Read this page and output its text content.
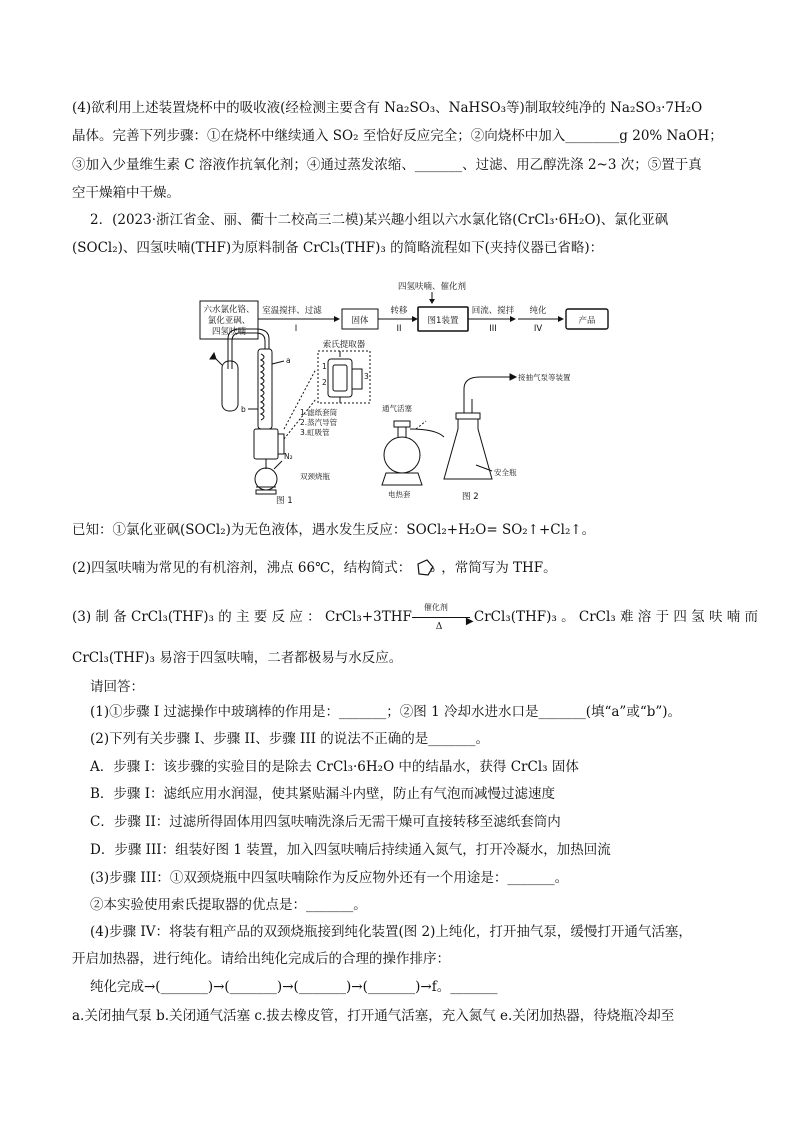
(4)欲利用上述装置烧杯中的吸收液(经检测主要含有 Na₂SO₃、NaHSO₃等)制取较纯净的 Na₂SO₃·7H₂O
晶体。完善下列步骤：①在烧杯中继续通入 SO₂ 至恰好反应完全；②向烧杯中加入________g 20% NaOH；
③加入少量维生素 C 溶液作抗氧化剂；④通过蒸发浓缩、_______、过滤、用乙醇洗涤 2~3 次；⑤置于真
空干燥箱中干燥。
2．(2023·浙江省金、丽、衢十二校高三二模)某兴趣小组以六水氯化铬(CrCl₃·6H₂O)、氯化亚砜
(SOCl₂)、四氢呋喃(THF)为原料制备 CrCl₃(THF)₃ 的简略流程如下(夹持仪器已省略)：
四氢呋喃、催化剂
六水氯化铬、
氯化亚砜、
四氢呋喃
室温搅拌、过滤
I
固体
转移
II
图1装置
回流、搅拌
III
纯化
IV
产品
索氏提取器
1
2
3
1.滤纸套筒
2.蒸汽导管
3.虹吸管
a
b
N₂
双颈烧瓶
图 1
通气活塞
接抽气泵等装置
电热套
安全瓶
图 2
已知：①氯化亚砜(SOCl₂)为无色液体，遇水发生反应：SOCl₂+H₂O= SO₂↑+Cl₂↑。
(2)四氢呋喃为常见的有机溶剂，沸点 66℃，结构简式： o ，常简写为 THF。
(3) 制 备 CrCl₃(THF)₃ 的 主 要 反 应 ： CrCl₃+3THF
催化剂
▶
Δ
CrCl₃(THF)₃ 。 CrCl₃ 难 溶 于 四 氢 呋 喃 而
CrCl₃(THF)₃ 易溶于四氢呋喃，二者都极易与水反应。
请回答：
(1)①步骤 I 过滤操作中玻璃棒的作用是：_______；②图 1 冷却水进水口是_______(填“a”或“b”)。
(2)下列有关步骤 I、步骤 II、步骤 III 的说法不正确的是_______。
A．步骤 I：该步骤的实验目的是除去 CrCl₃·6H₂O 中的结晶水，获得 CrCl₃ 固体
B．步骤 I：滤纸应用水润湿，使其紧贴漏斗内壁，防止有气泡而减慢过滤速度
C．步骤 II：过滤所得固体用四氢呋喃洗涤后无需干燥可直接转移至滤纸套筒内
D．步骤 III：组装好图 1 装置，加入四氢呋喃后持续通入氮气，打开冷凝水，加热回流
(3)步骤 III：①双颈烧瓶中四氢呋喃除作为反应物外还有一个用途是：_______。
②本实验使用索氏提取器的优点是：_______。
(4)步骤 IV：将装有粗产品的双颈烧瓶接到纯化装置(图 2)上纯化，打开抽气泵，缓慢打开通气活塞，
开启加热器，进行纯化。请给出纯化完成后的合理的操作排序：
纯化完成→(_______)→(_______)→(_______)→(_______)→f。_______
a.关闭抽气泵 b.关闭通气活塞 c.拔去橡皮管，打开通气活塞，充入氮气 e.关闭加热器，待烧瓶冷却至
